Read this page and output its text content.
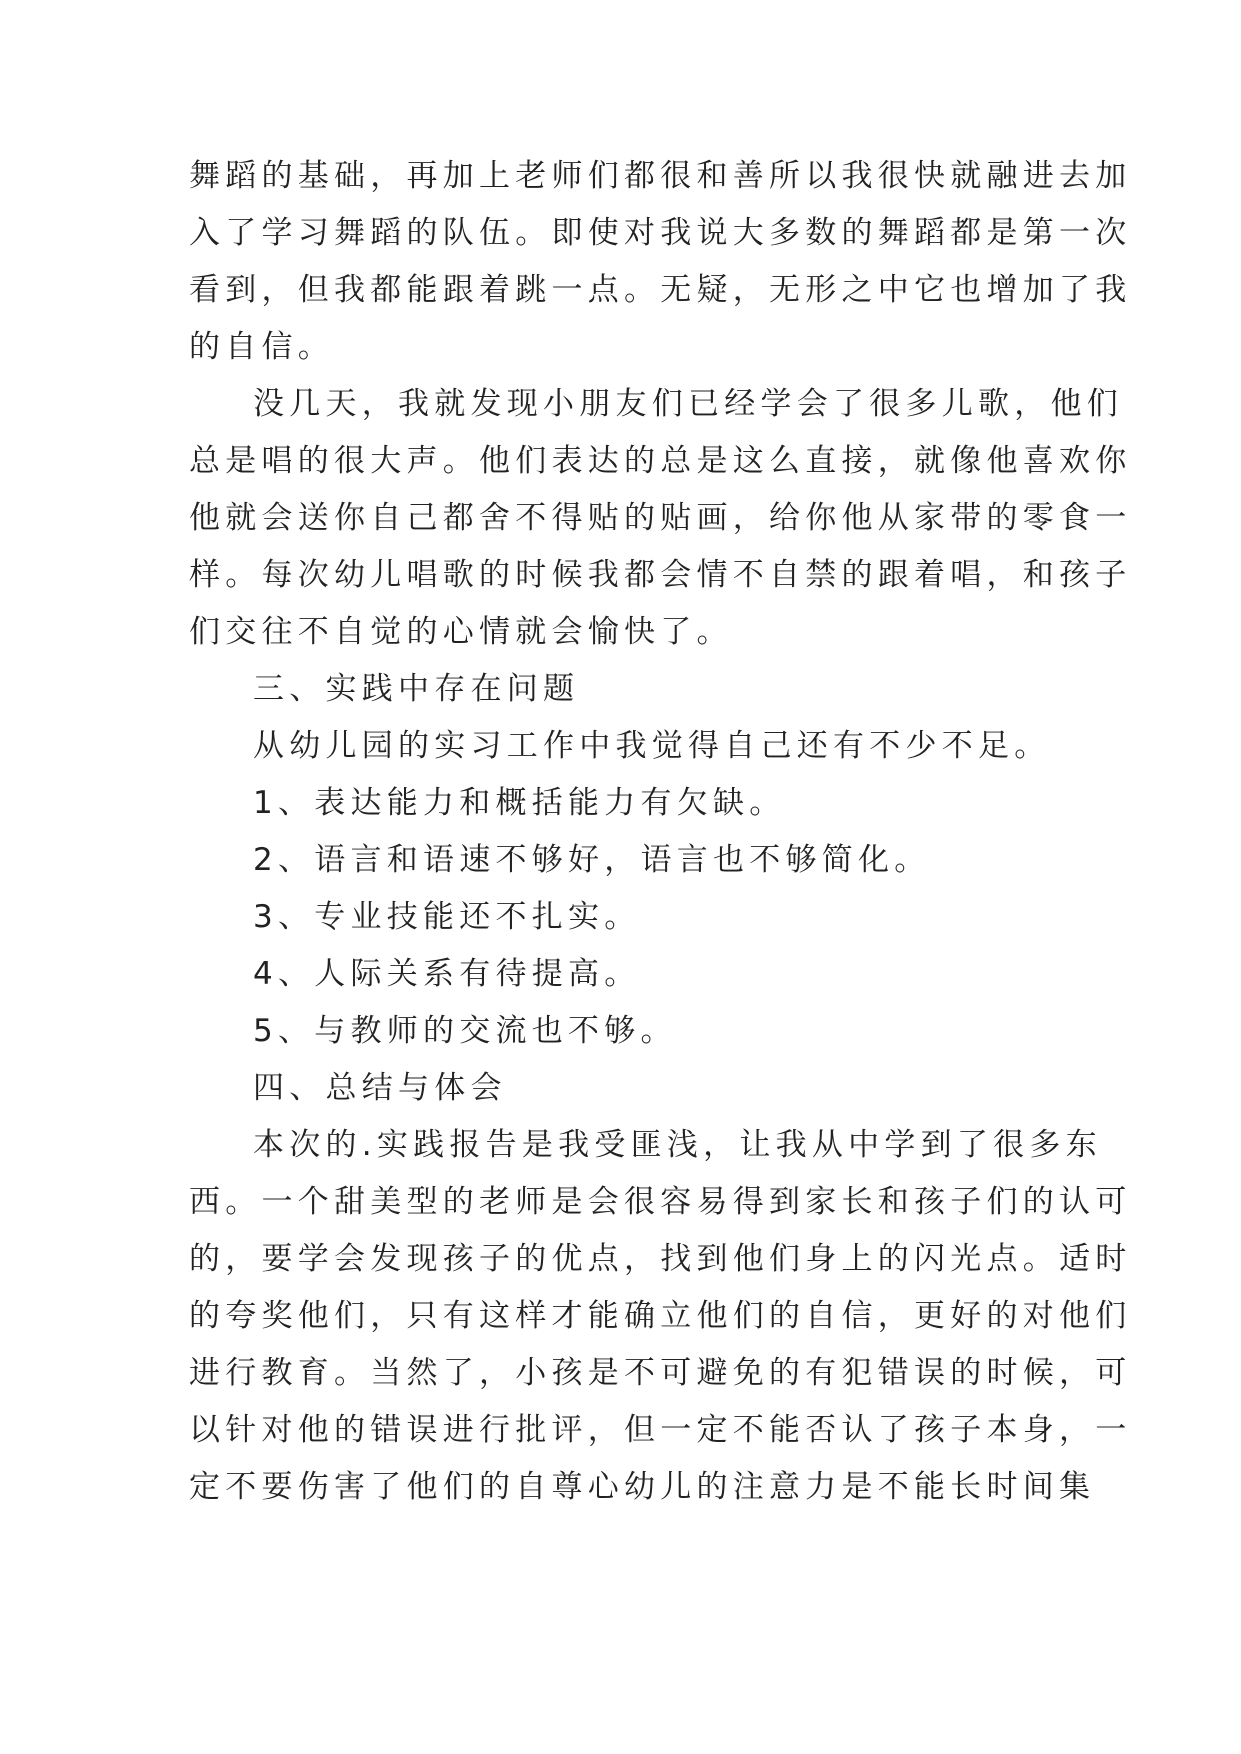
舞蹈的基础，再加上老师们都很和善所以我很快就融进去加
入了学习舞蹈的队伍。即使对我说大多数的舞蹈都是第一次
看到，但我都能跟着跳一点。无疑，无形之中它也增加了我
的自信。
没几天，我就发现小朋友们已经学会了很多儿歌，他们
总是唱的很大声。他们表达的总是这么直接，就像他喜欢你
他就会送你自己都舍不得贴的贴画，给你他从家带的零食一
样。每次幼儿唱歌的时候我都会情不自禁的跟着唱，和孩子
们交往不自觉的心情就会愉快了。
三、实践中存在问题
从幼儿园的实习工作中我觉得自己还有不少不足。
1、表达能力和概括能力有欠缺。
2、语言和语速不够好，语言也不够简化。
3、专业技能还不扎实。
4、人际关系有待提高。
5、与教师的交流也不够。
四、总结与体会
本次的.实践报告是我受匪浅，让我从中学到了很多东
西。一个甜美型的老师是会很容易得到家长和孩子们的认可
的，要学会发现孩子的优点，找到他们身上的闪光点。适时
的夸奖他们，只有这样才能确立他们的自信，更好的对他们
进行教育。当然了，小孩是不可避免的有犯错误的时候，可
以针对他的错误进行批评，但一定不能否认了孩子本身，一
定不要伤害了他们的自尊心幼儿的注意力是不能长时间集
